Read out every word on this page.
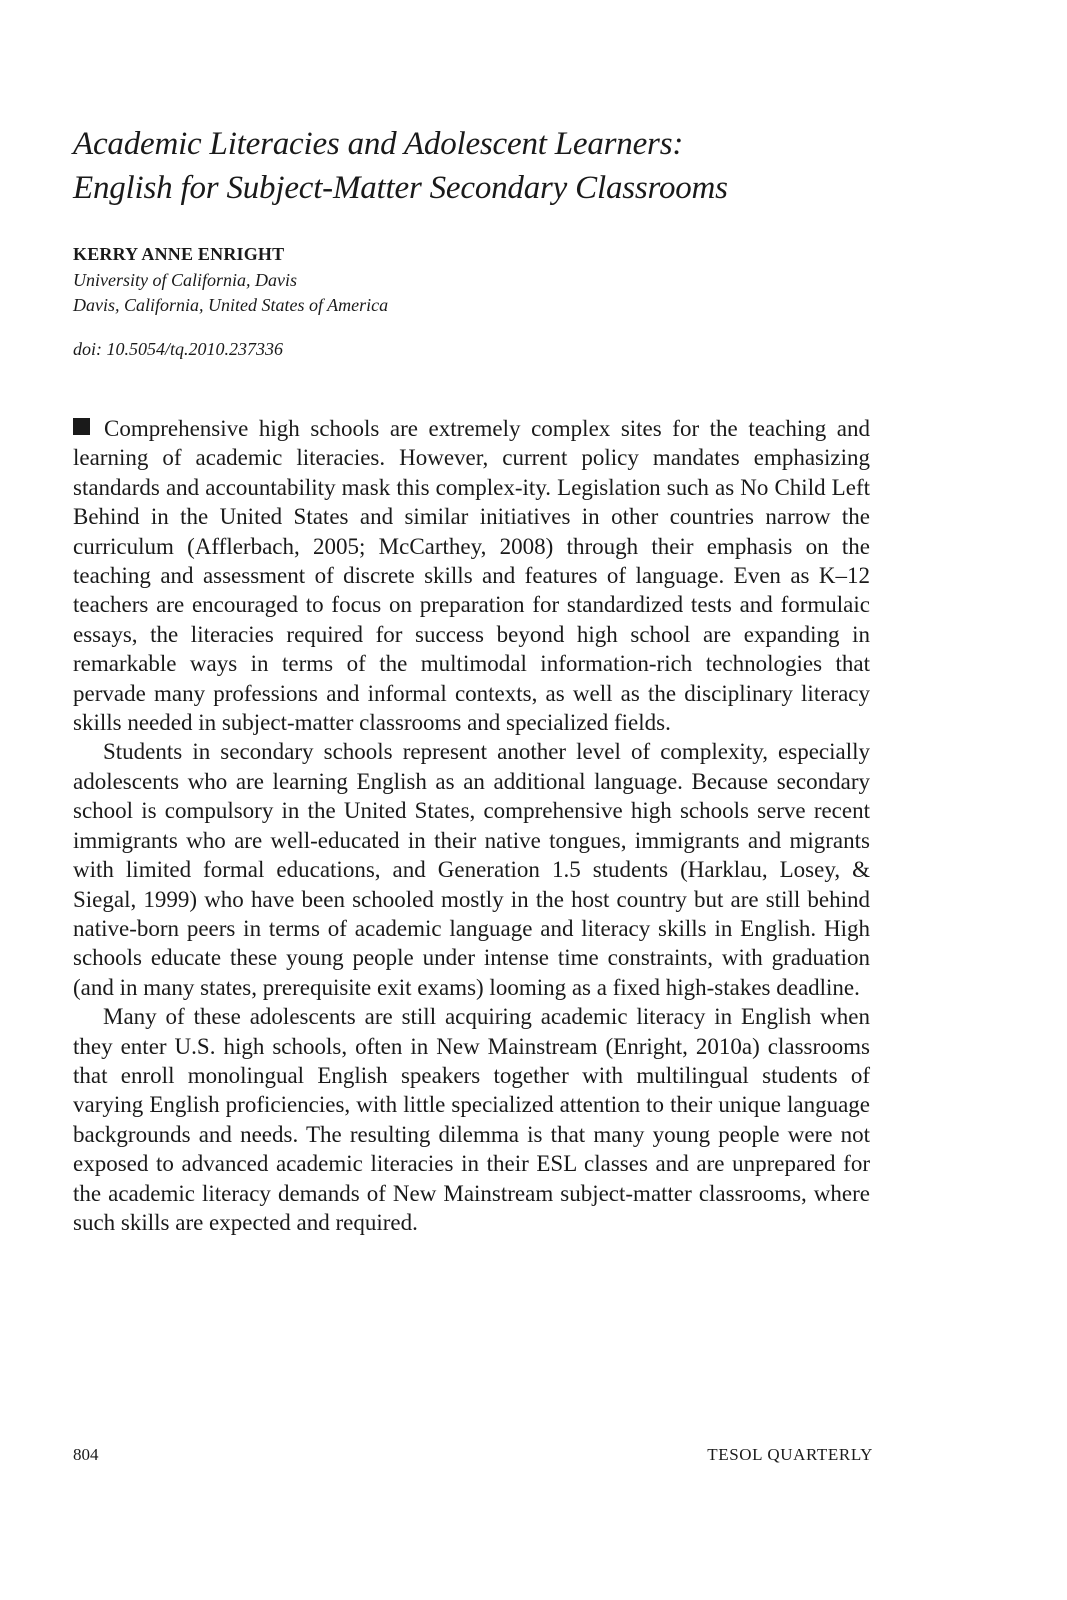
Academic Literacies and Adolescent Learners:
English for Subject-Matter Secondary Classrooms
KERRY ANNE ENRIGHT
University of California, Davis
Davis, California, United States of America
doi: 10.5054/tq.2010.237336

Comprehensive high schools are extremely complex sites for the teaching and learning of academic literacies. However, current policy mandates emphasizing standards and accountability mask this complex-ity. Legislation such as No Child Left Behind in the United States and similar initiatives in other countries narrow the curriculum (Afflerbach, 2005; McCarthey, 2008) through their emphasis on the teaching and assessment of discrete skills and features of language. Even as K–12 teachers are encouraged to focus on preparation for standardized tests and formulaic essays, the literacies required for success beyond high school are expanding in remarkable ways in terms of the multimodal information-rich technologies that pervade many professions and informal contexts, as well as the disciplinary literacy skills needed in subject-matter classrooms and specialized fields.

Students in secondary schools represent another level of complexity, especially adolescents who are learning English as an additional language. Because secondary school is compulsory in the United States, comprehensive high schools serve recent immigrants who are well-educated in their native tongues, immigrants and migrants with limited formal educations, and Generation 1.5 students (Harklau, Losey, & Siegal, 1999) who have been schooled mostly in the host country but are still behind native-born peers in terms of academic language and literacy skills in English. High schools educate these young people under intense time constraints, with graduation (and in many states, prerequisite exit exams) looming as a fixed high-stakes deadline.

Many of these adolescents are still acquiring academic literacy in English when they enter U.S. high schools, often in New Mainstream (Enright, 2010a) classrooms that enroll monolingual English speakers together with multilingual students of varying English proficiencies, with little specialized attention to their unique language backgrounds and needs. The resulting dilemma is that many young people were not exposed to advanced academic literacies in their ESL classes and are unprepared for the academic literacy demands of New Mainstream subject-matter classrooms, where such skills are expected and required.

804	TESOL QUARTERLY
